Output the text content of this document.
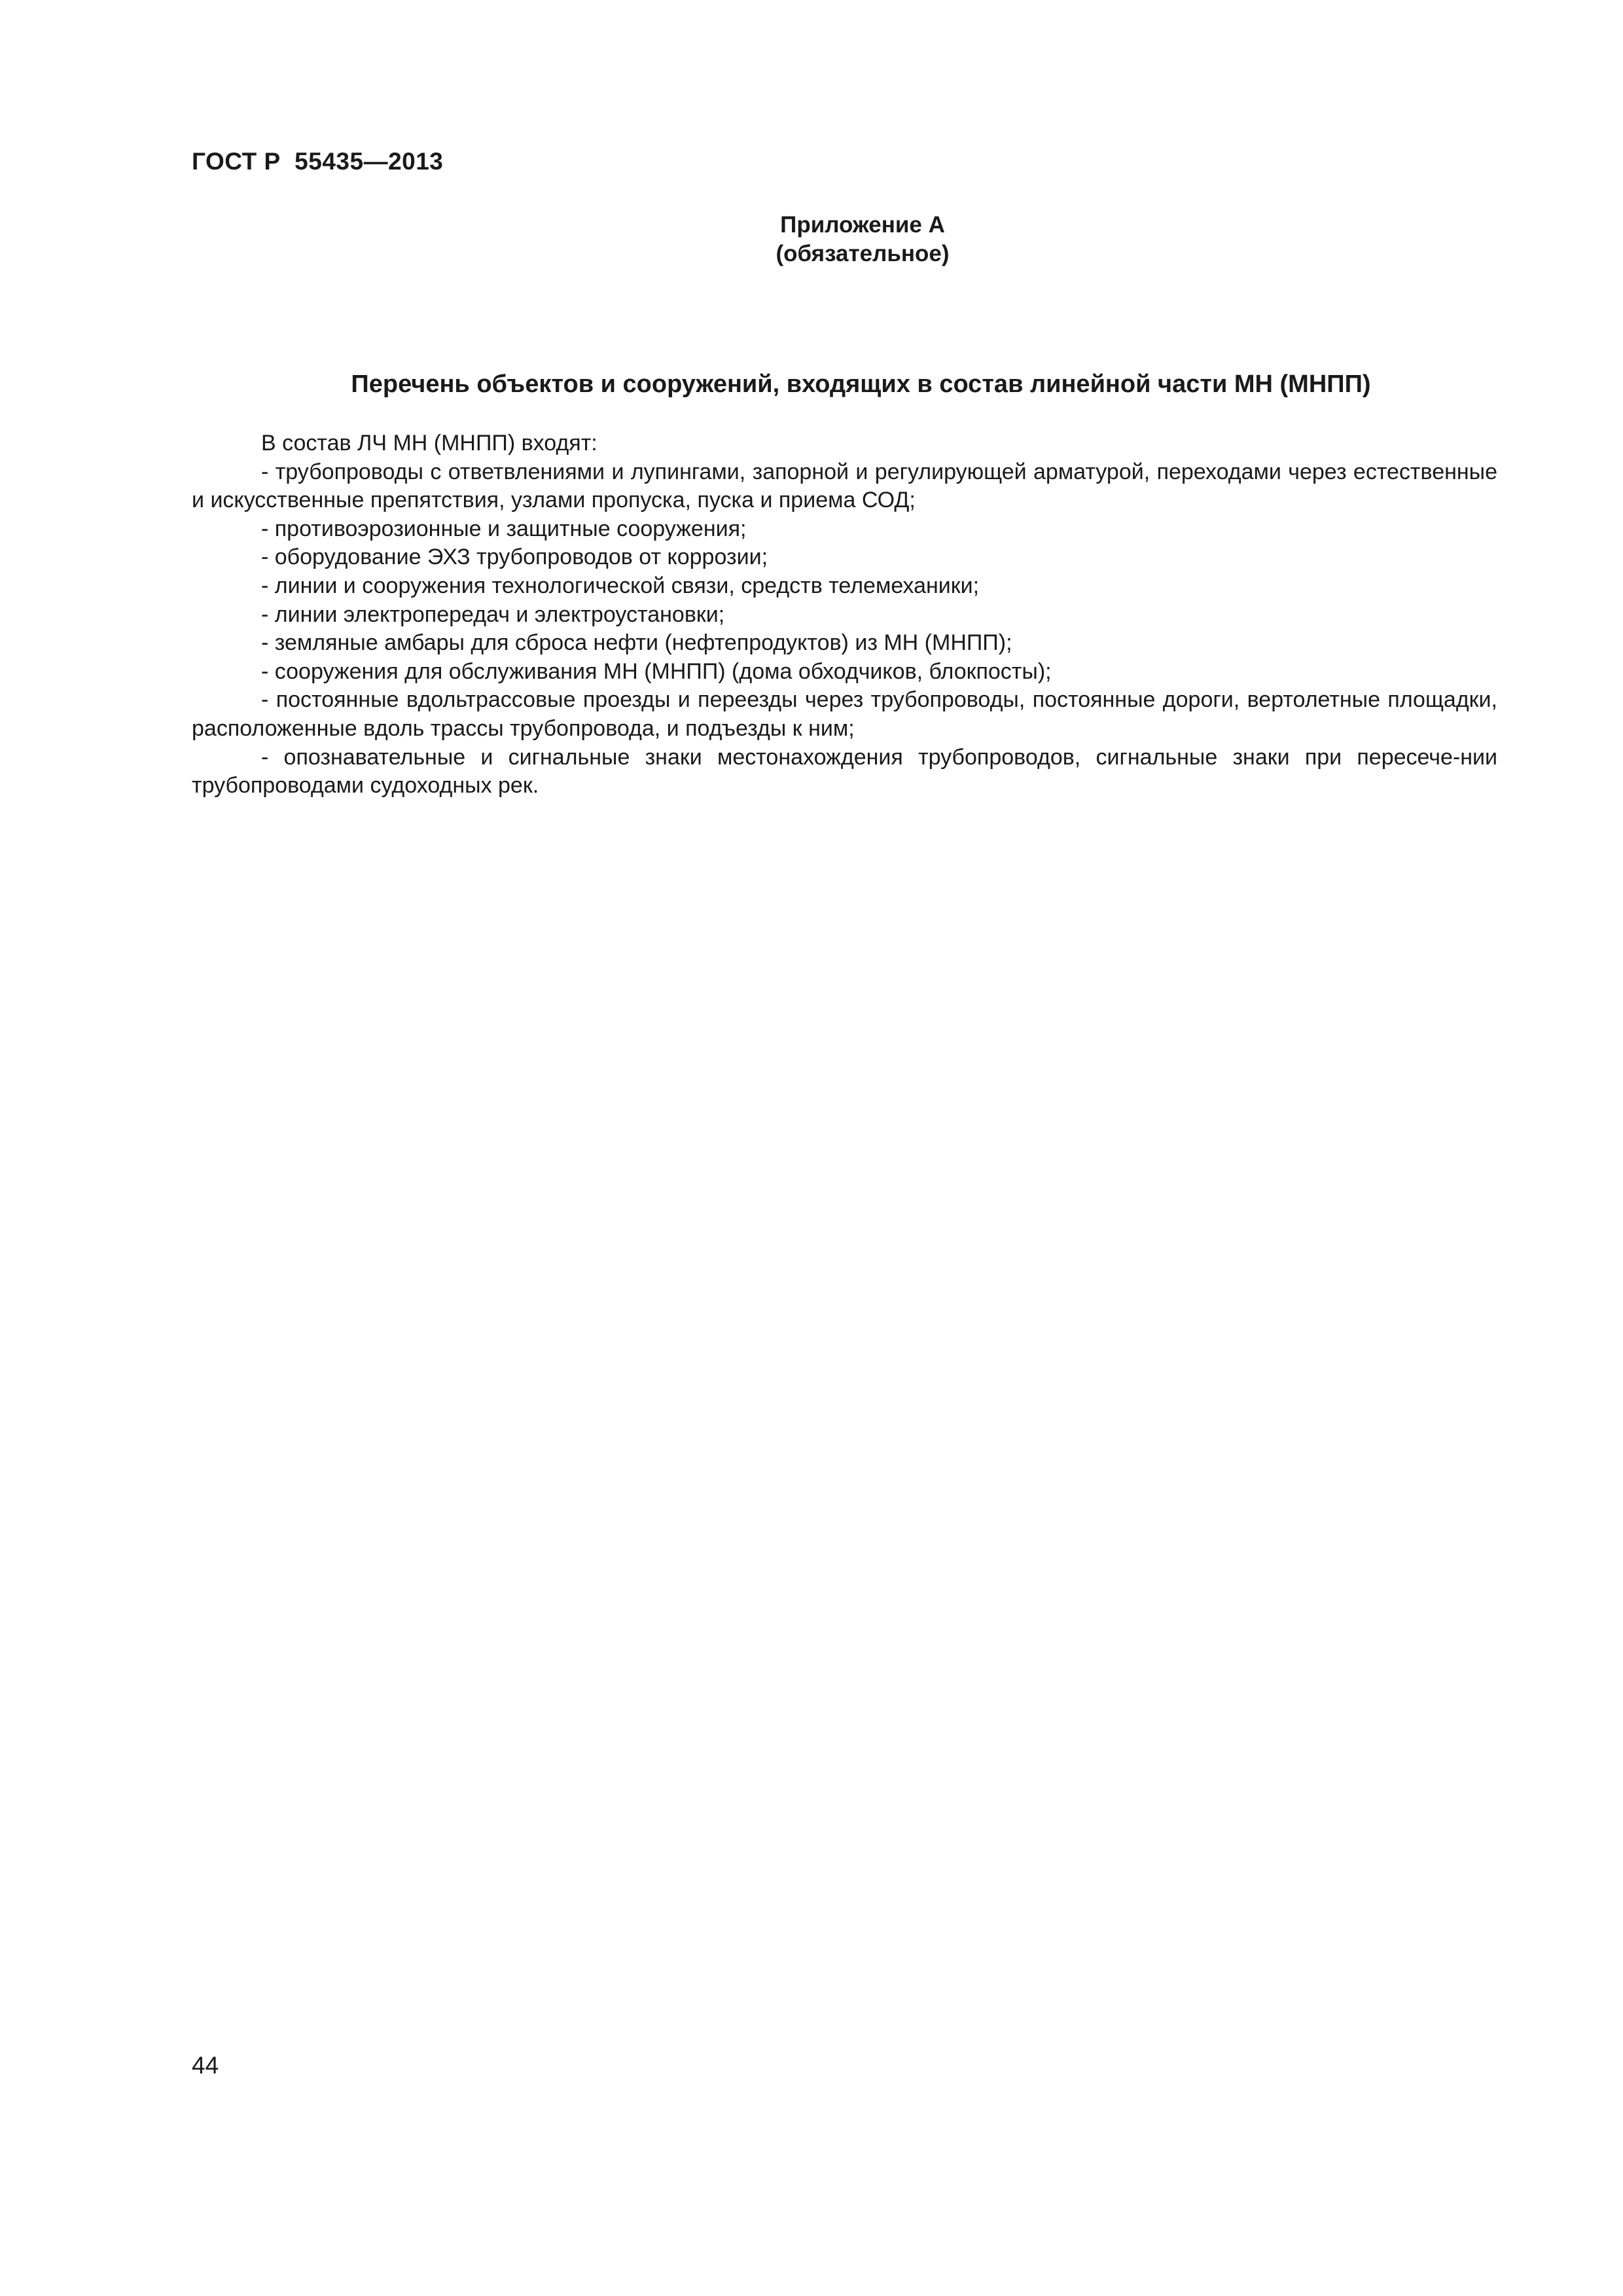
ГОСТ Р  55435—2013
Приложение А
(обязательное)
Перечень объектов и сооружений, входящих в состав линейной части МН (МНПП)

В состав ЛЧ МН (МНПП) входят:

- трубопроводы с ответвлениями и лупингами, запорной и регулирующей арматурой, переходами через естественные и искусственные препятствия, узлами пропуска, пуска и приема СОД;

- противоэрозионные и защитные сооружения;

- оборудование ЭХЗ трубопроводов от коррозии;

- линии и сооружения технологической связи, средств телемеханики;

- линии электропередач и электроустановки;

- земляные амбары для сброса нефти (нефтепродуктов) из МН (МНПП);

- сооружения для обслуживания МН (МНПП) (дома обходчиков, блокпосты);

- постоянные вдольтрассовые проезды и переезды через трубопроводы, постоянные дороги, вертолетные площадки, расположенные вдоль трассы трубопровода, и подъезды к ним;

- опознавательные и сигнальные знаки местонахождения трубопроводов, сигнальные знаки при пересече-нии трубопроводами судоходных рек.

44
